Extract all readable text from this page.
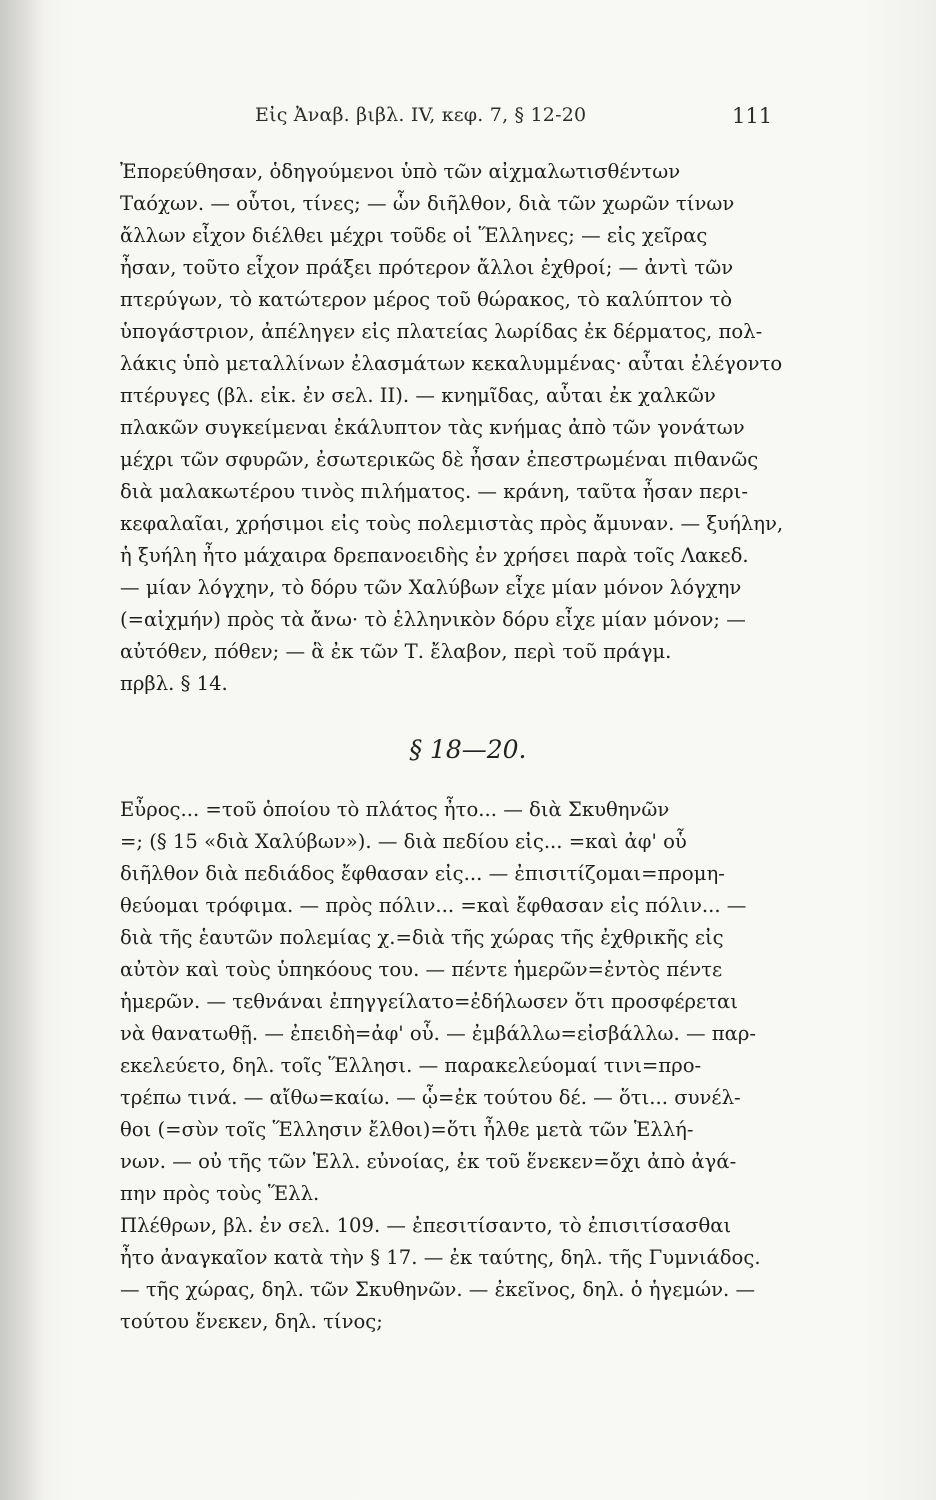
Εἰς Ἀναβ. βιβλ. IV, κεφ. 7, § 12-20	111
Ἐπορεύθησαν, ὁδηγούμενοι ὑπὸ τῶν αἰχμαλωτισθέντων
Ταόχων. — οὗτοι, τίνες; — ὧν διῆλθον, διὰ τῶν χωρῶν τίνων
ἄλλων εἶχον διέλθει μέχρι τοῦδε οἱ Ἕλληνες; — εἰς χεῖρας
ἦσαν, τοῦτο εἶχον πράξει πρότερον ἄλλοι ἐχθροί; — ἀντὶ τῶν
πτερύγων, τὸ κατώτερον μέρος τοῦ θώρακος, τὸ καλύπτον τὸ
ὑπογάστριον, ἀπέληγεν εἰς πλατείας λωρίδας ἐκ δέρματος, πολ-
λάκις ὑπὸ μεταλλίνων ἐλασμάτων κεκαλυμμένας· αὗται ἐλέγοντο
πτέρυγες (βλ. εἰκ. ἐν σελ. II). — κνημῖδας, αὗται ἐκ χαλκῶν
πλακῶν συγκείμεναι ἐκάλυπτον τὰς κνήμας ἀπὸ τῶν γονάτων
μέχρι τῶν σφυρῶν, ἐσωτερικῶς δὲ ἦσαν ἐπεστρωμέναι πιθανῶς
διὰ μαλακωτέρου τινὸς πιλήματος. — κράνη, ταῦτα ἦσαν περι-
κεφαλαῖαι, χρήσιμοι εἰς τοὺς πολεμιστὰς πρὸς ἄμυναν. — ξυήλην,
ἡ ξυήλη ἦτο μάχαιρα δρεπανοειδὴς ἐν χρήσει παρὰ τοῖς Λακεδ.
— μίαν λόγχην, τὸ δόρυ τῶν Χαλύβων εἶχε μίαν μόνον λόγχην
(=αἰχμήν) πρὸς τὰ ἄνω· τὸ ἑλληνικὸν δόρυ εἶχε μίαν μόνον; —
αὐτόθεν, πόθεν; — ἃ ἐκ τῶν Τ. ἔλαβον, περὶ τοῦ πράγμ.
πρβλ. § 14.
§ 18—20.
Εὖρος... =τοῦ ὁποίου τὸ πλάτος ἦτο... — διὰ Σκυθηνῶν
=; (§ 15 «διὰ Χαλύβων»). — διὰ πεδίου εἰς... =καὶ ἀφ' οὗ
διῆλθον διὰ πεδιάδος ἔφθασαν εἰς... — ἐπισιτίζομαι=προμη-
θεύομαι τρόφιμα. — πρὸς πόλιν... =καὶ ἔφθασαν εἰς πόλιν... —
διὰ τῆς ἑαυτῶν πολεμίας χ.=διὰ τῆς χώρας τῆς ἐχθρικῆς εἰς
αὐτὸν καὶ τοὺς ὑπηκόους του. — πέντε ἡμερῶν=ἐντὸς πέντε
ἡμερῶν. — τεθνάναι ἐπηγγείλατο=ἐδήλωσεν ὅτι προσφέρεται
νὰ θανατωθῇ. — ἐπειδὴ=ἀφ' οὗ. — ἐμβάλλω=εἰσβάλλω. — παρ-
εκελεύετο, δηλ. τοῖς Ἕλλησι. — παρακελεύομαί τινι=προ-
τρέπω τινά. — αἴθω=καίω. — ᾧ=ἐκ τούτου δέ. — ὅτι... συνέλ-
θοι (=σὺν τοῖς Ἕλλησιν ἔλθοι)=ὅτι ἦλθε μετὰ τῶν Ἑλλή-
νων. — οὐ τῆς τῶν Ἑλλ. εὐνοίας, ἐκ τοῦ ἕνεκεν=ὄχι ἀπὸ ἀγά-
πην πρὸς τοὺς Ἕλλ.
Πλέθρων, βλ. ἐν σελ. 109. — ἐπεσιτίσαντο, τὸ ἐπισιτίσασθαι
ἦτο ἀναγκαῖον κατὰ τὴν § 17. — ἐκ ταύτης, δηλ. τῆς Γυμνιάδος.
— τῆς χώρας, δηλ. τῶν Σκυθηνῶν. — ἐκεῖνος, δηλ. ὁ ἡγεμών. —
τούτου ἕνεκεν, δηλ. τίνος;
